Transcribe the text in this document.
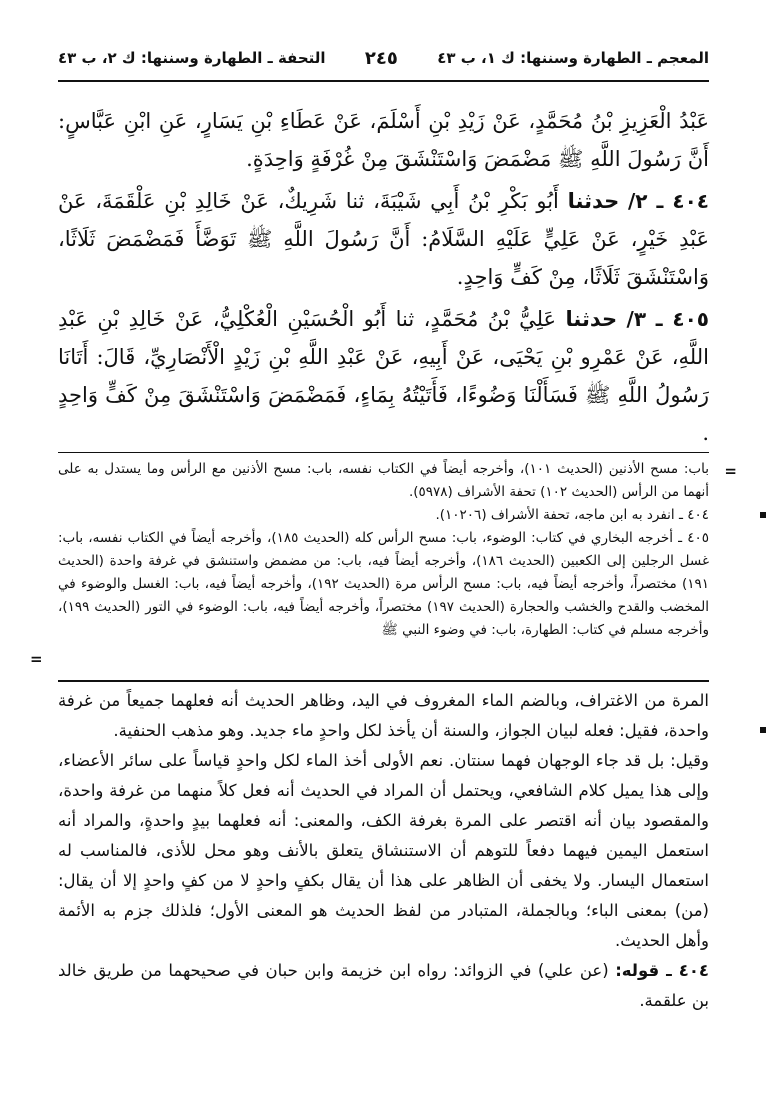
المعجم ـ الطهارة وسننها: ك ١، ب ٤٣
٢٤٥
التحفة ـ الطهارة وسننها: ك ٢، ب ٤٣

عَبْدُ الْعَزِيزِ بْنُ مُحَمَّدٍ، عَنْ زَيْدِ بْنِ أَسْلَمَ، عَنْ عَطَاءِ بْنِ يَسَارٍ، عَنِ ابْنِ عَبَّاسٍ: أَنَّ رَسُولَ اللَّهِ ﷺ مَضْمَضَ وَاسْتَنْشَقَ مِنْ غُرْفَةٍ وَاحِدَةٍ.

٤٠٤ ـ ٢/ حدثنا أَبُو بَكْرِ بْنُ أَبِي شَيْبَةَ، ثنا شَرِيكٌ، عَنْ خَالِدِ بْنِ عَلْقَمَةَ، عَنْ عَبْدِ خَيْرٍ، عَنْ عَلِيٍّ عَلَيْهِ السَّلَامُ: أَنَّ رَسُولَ اللَّهِ ﷺ تَوَضَّأَ فَمَضْمَضَ ثَلَاثًا، وَاسْتَنْشَقَ ثَلَاثًا، مِنْ كَفٍّ وَاحِدٍ.

٤٠٥ ـ ٣/ حدثنا عَلِيُّ بْنُ مُحَمَّدٍ، ثنا أَبُو الْحُسَيْنِ الْعُكْلِيُّ، عَنْ خَالِدِ بْنِ عَبْدِ اللَّهِ، عَنْ عَمْرِو بْنِ يَحْيَى، عَنْ أَبِيهِ، عَنْ عَبْدِ اللَّهِ بْنِ زَيْدٍ الْأَنْصَارِيِّ، قَالَ: أَتَانَا رَسُولُ اللَّهِ ﷺ فَسَأَلْنَا وَضُوءًا، فَأَتَيْتُهُ بِمَاءٍ، فَمَضْمَضَ وَاسْتَنْشَقَ مِنْ كَفٍّ وَاحِدٍ .

=

باب: مسح الأذنين (الحديث ١٠١)، وأخرجه أيضاً في الكتاب نفسه، باب: مسح الأذنين مع الرأس وما يستدل به على أنهما من الرأس (الحديث ١٠٢) تحفة الأشراف (٥٩٧٨).

٤٠٤ ـ انفرد به ابن ماجه، تحفة الأشراف (١٠٢٠٦).

٤٠٥ ـ أخرجه البخاري في كتاب: الوضوء، باب: مسح الرأس كله (الحديث ١٨٥)، وأخرجه أيضاً في الكتاب نفسه، باب: غسل الرجلين إلى الكعبين (الحديث ١٨٦)، وأخرجه أيضاً فيه، باب: من مضمض واستنشق في غرفة واحدة (الحديث ١٩١) مختصراً، وأخرجه أيضاً فيه، باب: مسح الرأس مرة (الحديث ١٩٢)، وأخرجه أيضاً فيه، باب: الغسل والوضوء في المخضب والقدح والخشب والحجارة (الحديث ١٩٧) مختصراً، وأخرجه أيضاً فيه، باب: الوضوء في التور (الحديث ١٩٩)، وأخرجه مسلم في كتاب: الطهارة، باب: في وضوء النبي ﷺ

=

المرة من الاغتراف، وبالضم الماء المغروف في اليد، وظاهر الحديث أنه فعلهما جميعاً من غرفة واحدة، فقيل: فعله لبيان الجواز، والسنة أن يأخذ لكل واحدٍ ماء جديد. وهو مذهب الحنفية.

وقيل: بل قد جاء الوجهان فهما سنتان. نعم الأولى أخذ الماء لكل واحدٍ قياساً على سائر الأعضاء، وإلى هذا يميل كلام الشافعي، ويحتمل أن المراد في الحديث أنه فعل كلاً منهما من غرفة واحدة، والمقصود بيان أنه اقتصر على المرة بغرفة الكف، والمعنى: أنه فعلهما بيدٍ واحدةٍ، والمراد أنه استعمل اليمين فيهما دفعاً للتوهم أن الاستنشاق يتعلق بالأنف وهو محل للأذى، فالمناسب له استعمال اليسار. ولا يخفى أن الظاهر على هذا أن يقال بكفٍ واحدٍ لا من كفٍ واحدٍ إلا أن يقال: (من) بمعنى الباء؛ وبالجملة، المتبادر من لفظ الحديث هو المعنى الأول؛ فلذلك جزم به الأئمة وأهل الحديث.

٤٠٤ ـ قوله: (عن علي) في الزوائد: رواه ابن خزيمة وابن حبان في صحيحهما من طريق خالد بن علقمة.
